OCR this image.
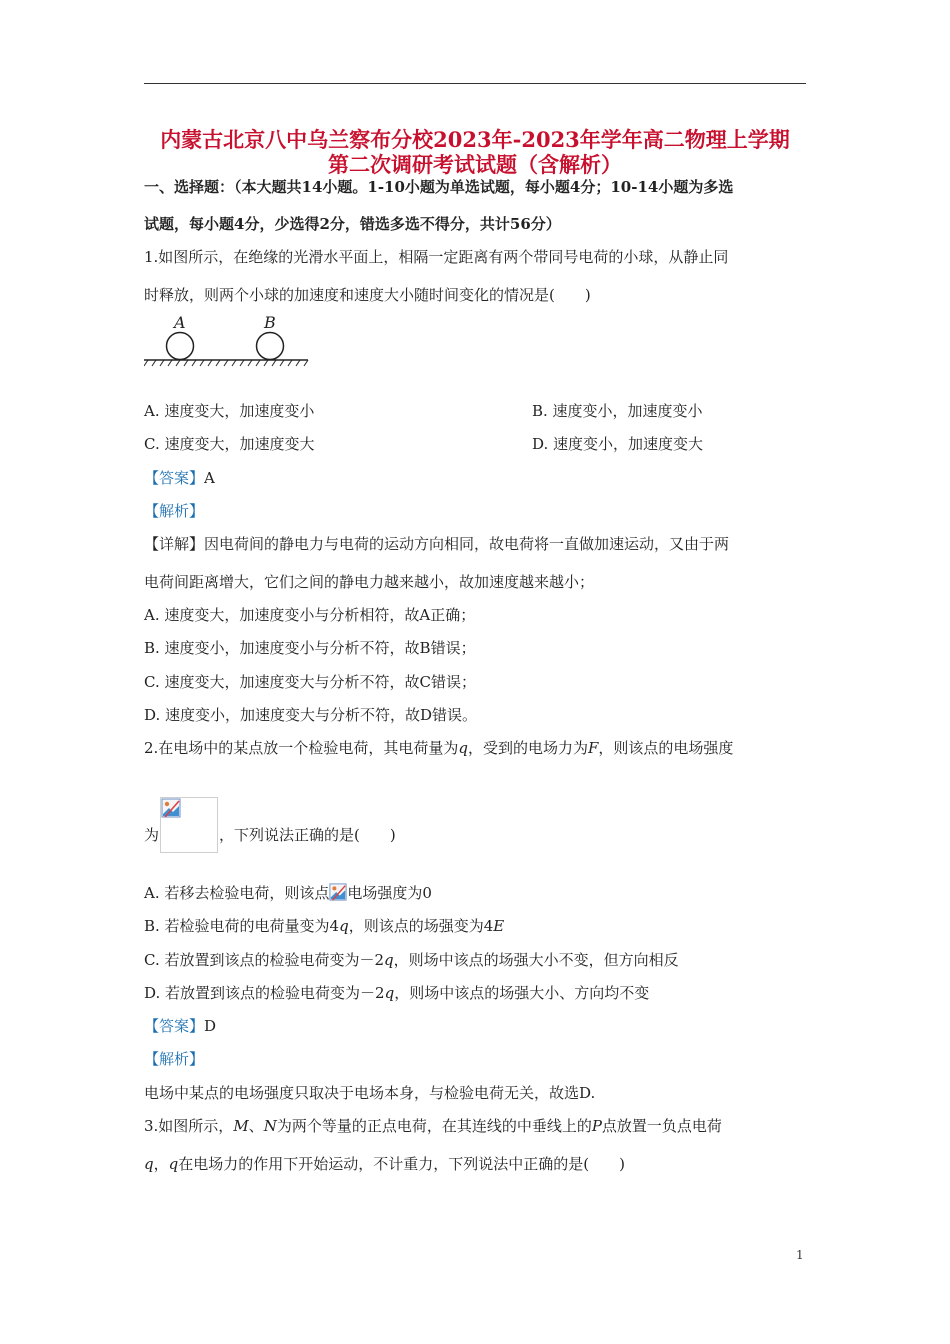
内蒙古北京八中乌兰察布分校2023年-2023年学年高二物理上学期
第二次调研考试试题（含解析）
一、选择题：（本大题共14小题。1-10小题为单选试题，每小题4分；10-14小题为多选
试题，每小题4分，少选得2分，错选多选不得分，共计56分）
1.如图所示，在绝缘的光滑水平面上，相隔一定距离有两个带同号电荷的小球，从静止同
时释放，则两个小球的加速度和速度大小随时间变化的情况是(　　)
A	B
A. 速度变大，加速度变小	B. 速度变小，加速度变小
C. 速度变大，加速度变大	D. 速度变小，加速度变大
【答案】A
【解析】
【详解】因电荷间的静电力与电荷的运动方向相同，故电荷将一直做加速运动，又由于两
电荷间距离增大，它们之间的静电力越来越小，故加速度越来越小；
A. 速度变大，加速度变小与分析相符，故A正确；
B. 速度变小，加速度变小与分析不符，故B错误；
C. 速度变大，加速度变大与分析不符，故C错误；
D. 速度变小，加速度变大与分析不符，故D错误。
2.在电场中的某点放一个检验电荷，其电荷量为q，受到的电场力为F，则该点的电场强度
为	，下列说法正确的是(　　)
A. 若移去检验电荷，则该点 电场强度为0
B. 若检验电荷的电荷量变为4q，则该点的场强变为4E
C. 若放置到该点的检验电荷变为－2q，则场中该点的场强大小不变，但方向相反
D. 若放置到该点的检验电荷变为－2q，则场中该点的场强大小、方向均不变
【答案】D
【解析】
电场中某点的电场强度只取决于电场本身，与检验电荷无关，故选D.
3.如图所示，M、N为两个等量的正点电荷，在其连线的中垂线上的P点放置一负点电荷
q，q在电场力的作用下开始运动，不计重力，下列说法中正确的是(　　)
1
